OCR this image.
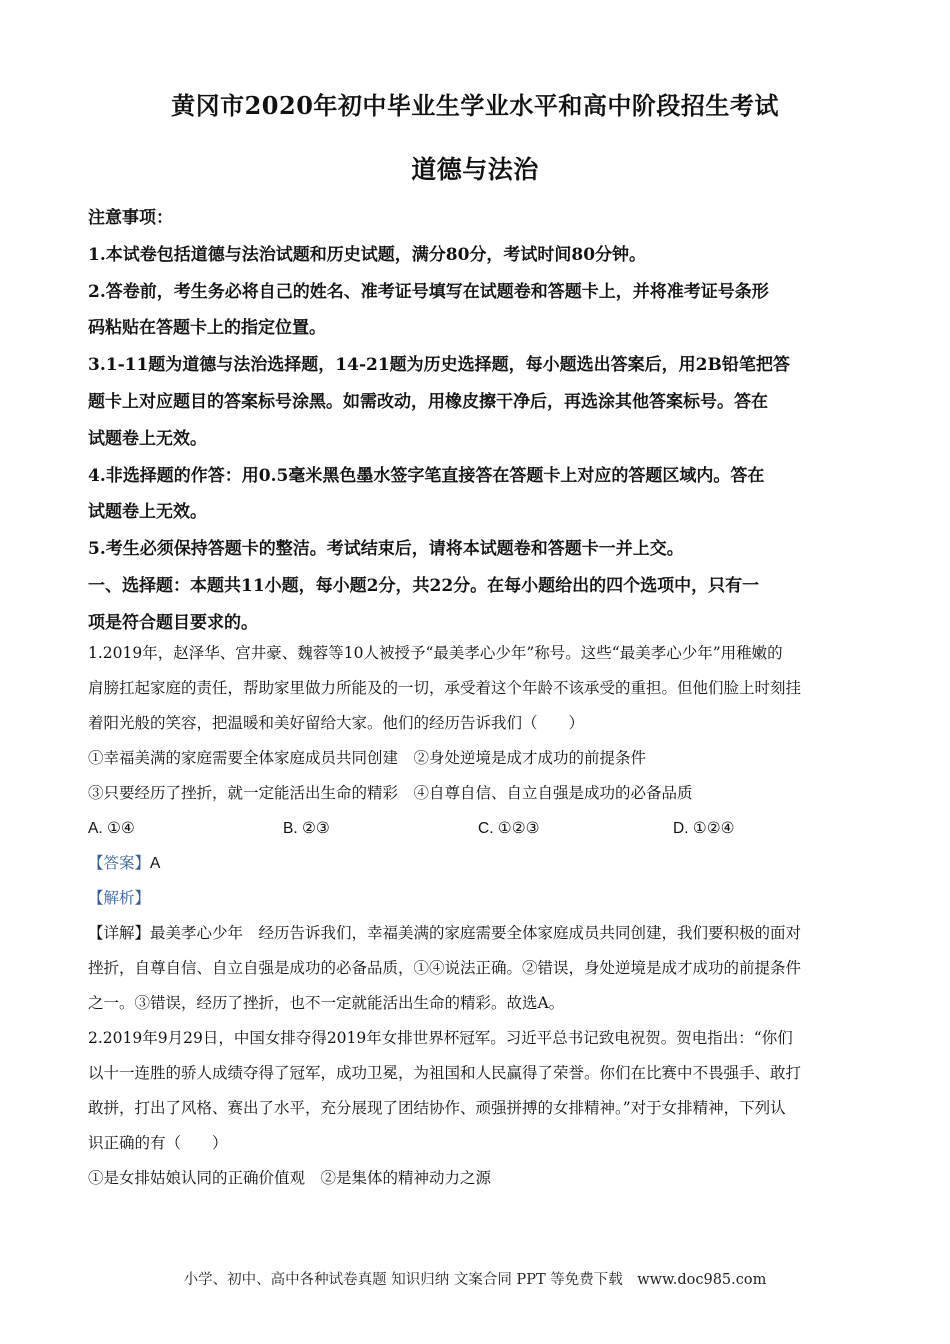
黄冈市2020年初中毕业生学业水平和高中阶段招生考试
道德与法治
注意事项：
1.本试卷包括道德与法治试题和历史试题，满分80分，考试时间80分钟。
2.答卷前，考生务必将自己的姓名、准考证号填写在试题卷和答题卡上，并将准考证号条形
码粘贴在答题卡上的指定位置。
3.1-11题为道德与法治选择题，14-21题为历史选择题，每小题选出答案后，用2B铅笔把答
题卡上对应题目的答案标号涂黑。如需改动，用橡皮擦干净后，再选涂其他答案标号。答在
试题卷上无效。
4.非选择题的作答：用0.5毫米黑色墨水签字笔直接答在答题卡上对应的答题区域内。答在
试题卷上无效。
5.考生必须保持答题卡的整洁。考试结束后，请将本试题卷和答题卡一并上交。
一、选择题：本题共11小题，每小题2分，共22分。在每小题给出的四个选项中，只有一
项是符合题目要求的。
1.2019年，赵泽华、宫井豪、魏蓉等10人被授予“最美孝心少年”称号。这些“最美孝心少年”用稚嫩的
肩膀扛起家庭的责任，帮助家里做力所能及的一切，承受着这个年龄不该承受的重担。但他们脸上时刻挂
着阳光般的笑容，把温暖和美好留给大家。他们的经历告诉我们（　　）
①幸福美满的家庭需要全体家庭成员共同创建　②身处逆境是成才成功的前提条件
③只要经历了挫折，就一定能活出生命的精彩　④自尊自信、自立自强是成功的必备品质
A. ①④	B. ②③	C. ①②③	D. ①②④
【答案】A
【解析】
【详解】最美孝心少年　经历告诉我们，幸福美满的家庭需要全体家庭成员共同创建，我们要积极的面对
挫折，自尊自信、自立自强是成功的必备品质，①④说法正确。②错误，身处逆境是成才成功的前提条件
之一。③错误，经历了挫折，也不一定就能活出生命的精彩。故选A。
2.2019年9月29日，中国女排夺得2019年女排世界杯冠军。习近平总书记致电祝贺。贺电指出：“你们
以十一连胜的骄人成绩夺得了冠军，成功卫冕，为祖国和人民赢得了荣誉。你们在比赛中不畏强手、敢打
敢拼，打出了风格、赛出了水平，充分展现了团结协作、顽强拼搏的女排精神。”对于女排精神，下列认
识正确的有（　　）
①是女排姑娘认同的正确价值观　②是集体的精神动力之源
小学、初中、高中各种试卷真题 知识归纳 文案合同 PPT 等免费下载　www.doc985.com
